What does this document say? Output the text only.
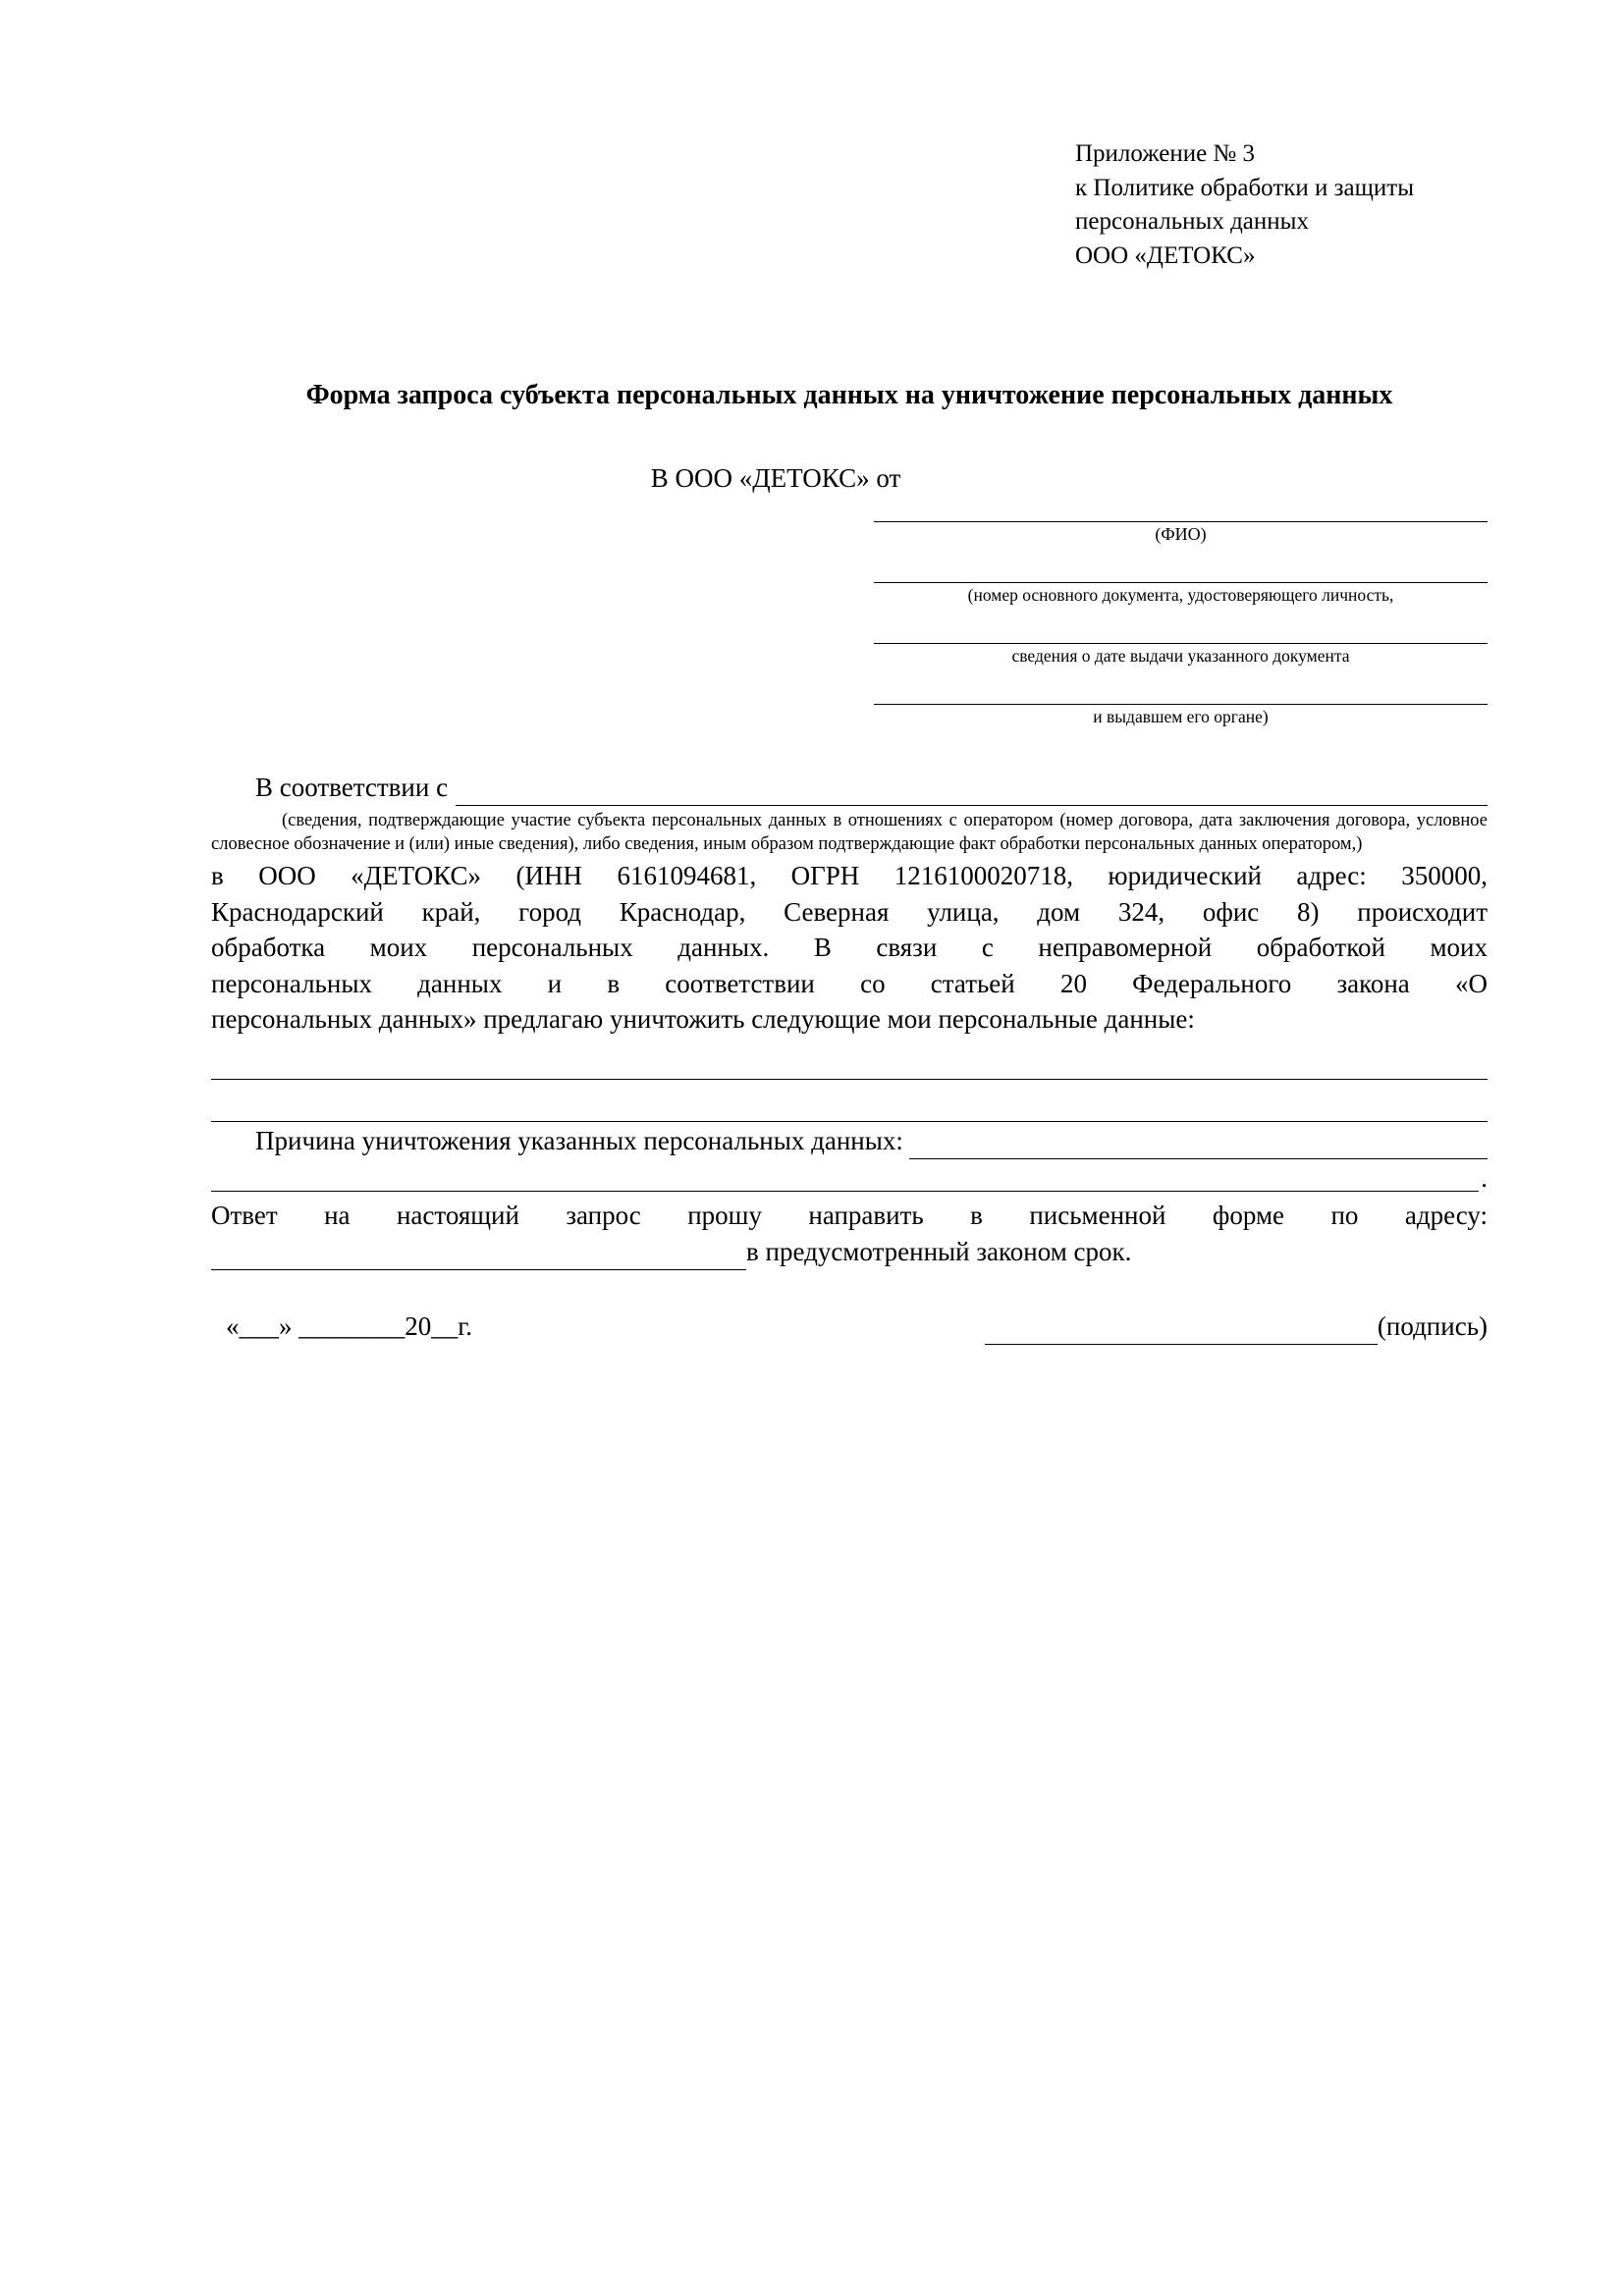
Приложение № 3
к Политике обработки и защиты
персональных данных
ООО «ДЕТОКС»
Форма запроса субъекта персональных данных на уничтожение персональных данных
В ООО «ДЕТОКС» от
(ФИО)
(номер основного документа, удостоверяющего личность,
сведения о дате выдачи указанного документа
и выдавшем его органе)
В соответствии с
(сведения, подтверждающие участие субъекта персональных данных в отношениях с оператором (номер договора, дата заключения договора, условное словесное обозначение и (или) иные сведения), либо сведения, иным образом подтверждающие факт обработки персональных данных оператором,)
в ООО «ДЕТОКС» (ИНН 6161094681, ОГРН 1216100020718, юридический адрес: 350000,
Краснодарский край, город Краснодар, Северная улица, дом 324, офис 8) происходит
обработка моих персональных данных. В связи с неправомерной обработкой моих
персональных данных и в соответствии со статьей 20 Федерального закона «О
персональных данных» предлагаю уничтожить следующие мои персональные данные:
Причина уничтожения указанных персональных данных:
.
Ответ на настоящий запрос прошу направить в письменной форме по адресу:
в предусмотренный законом срок.
«___» ________20__г.	(подпись)
